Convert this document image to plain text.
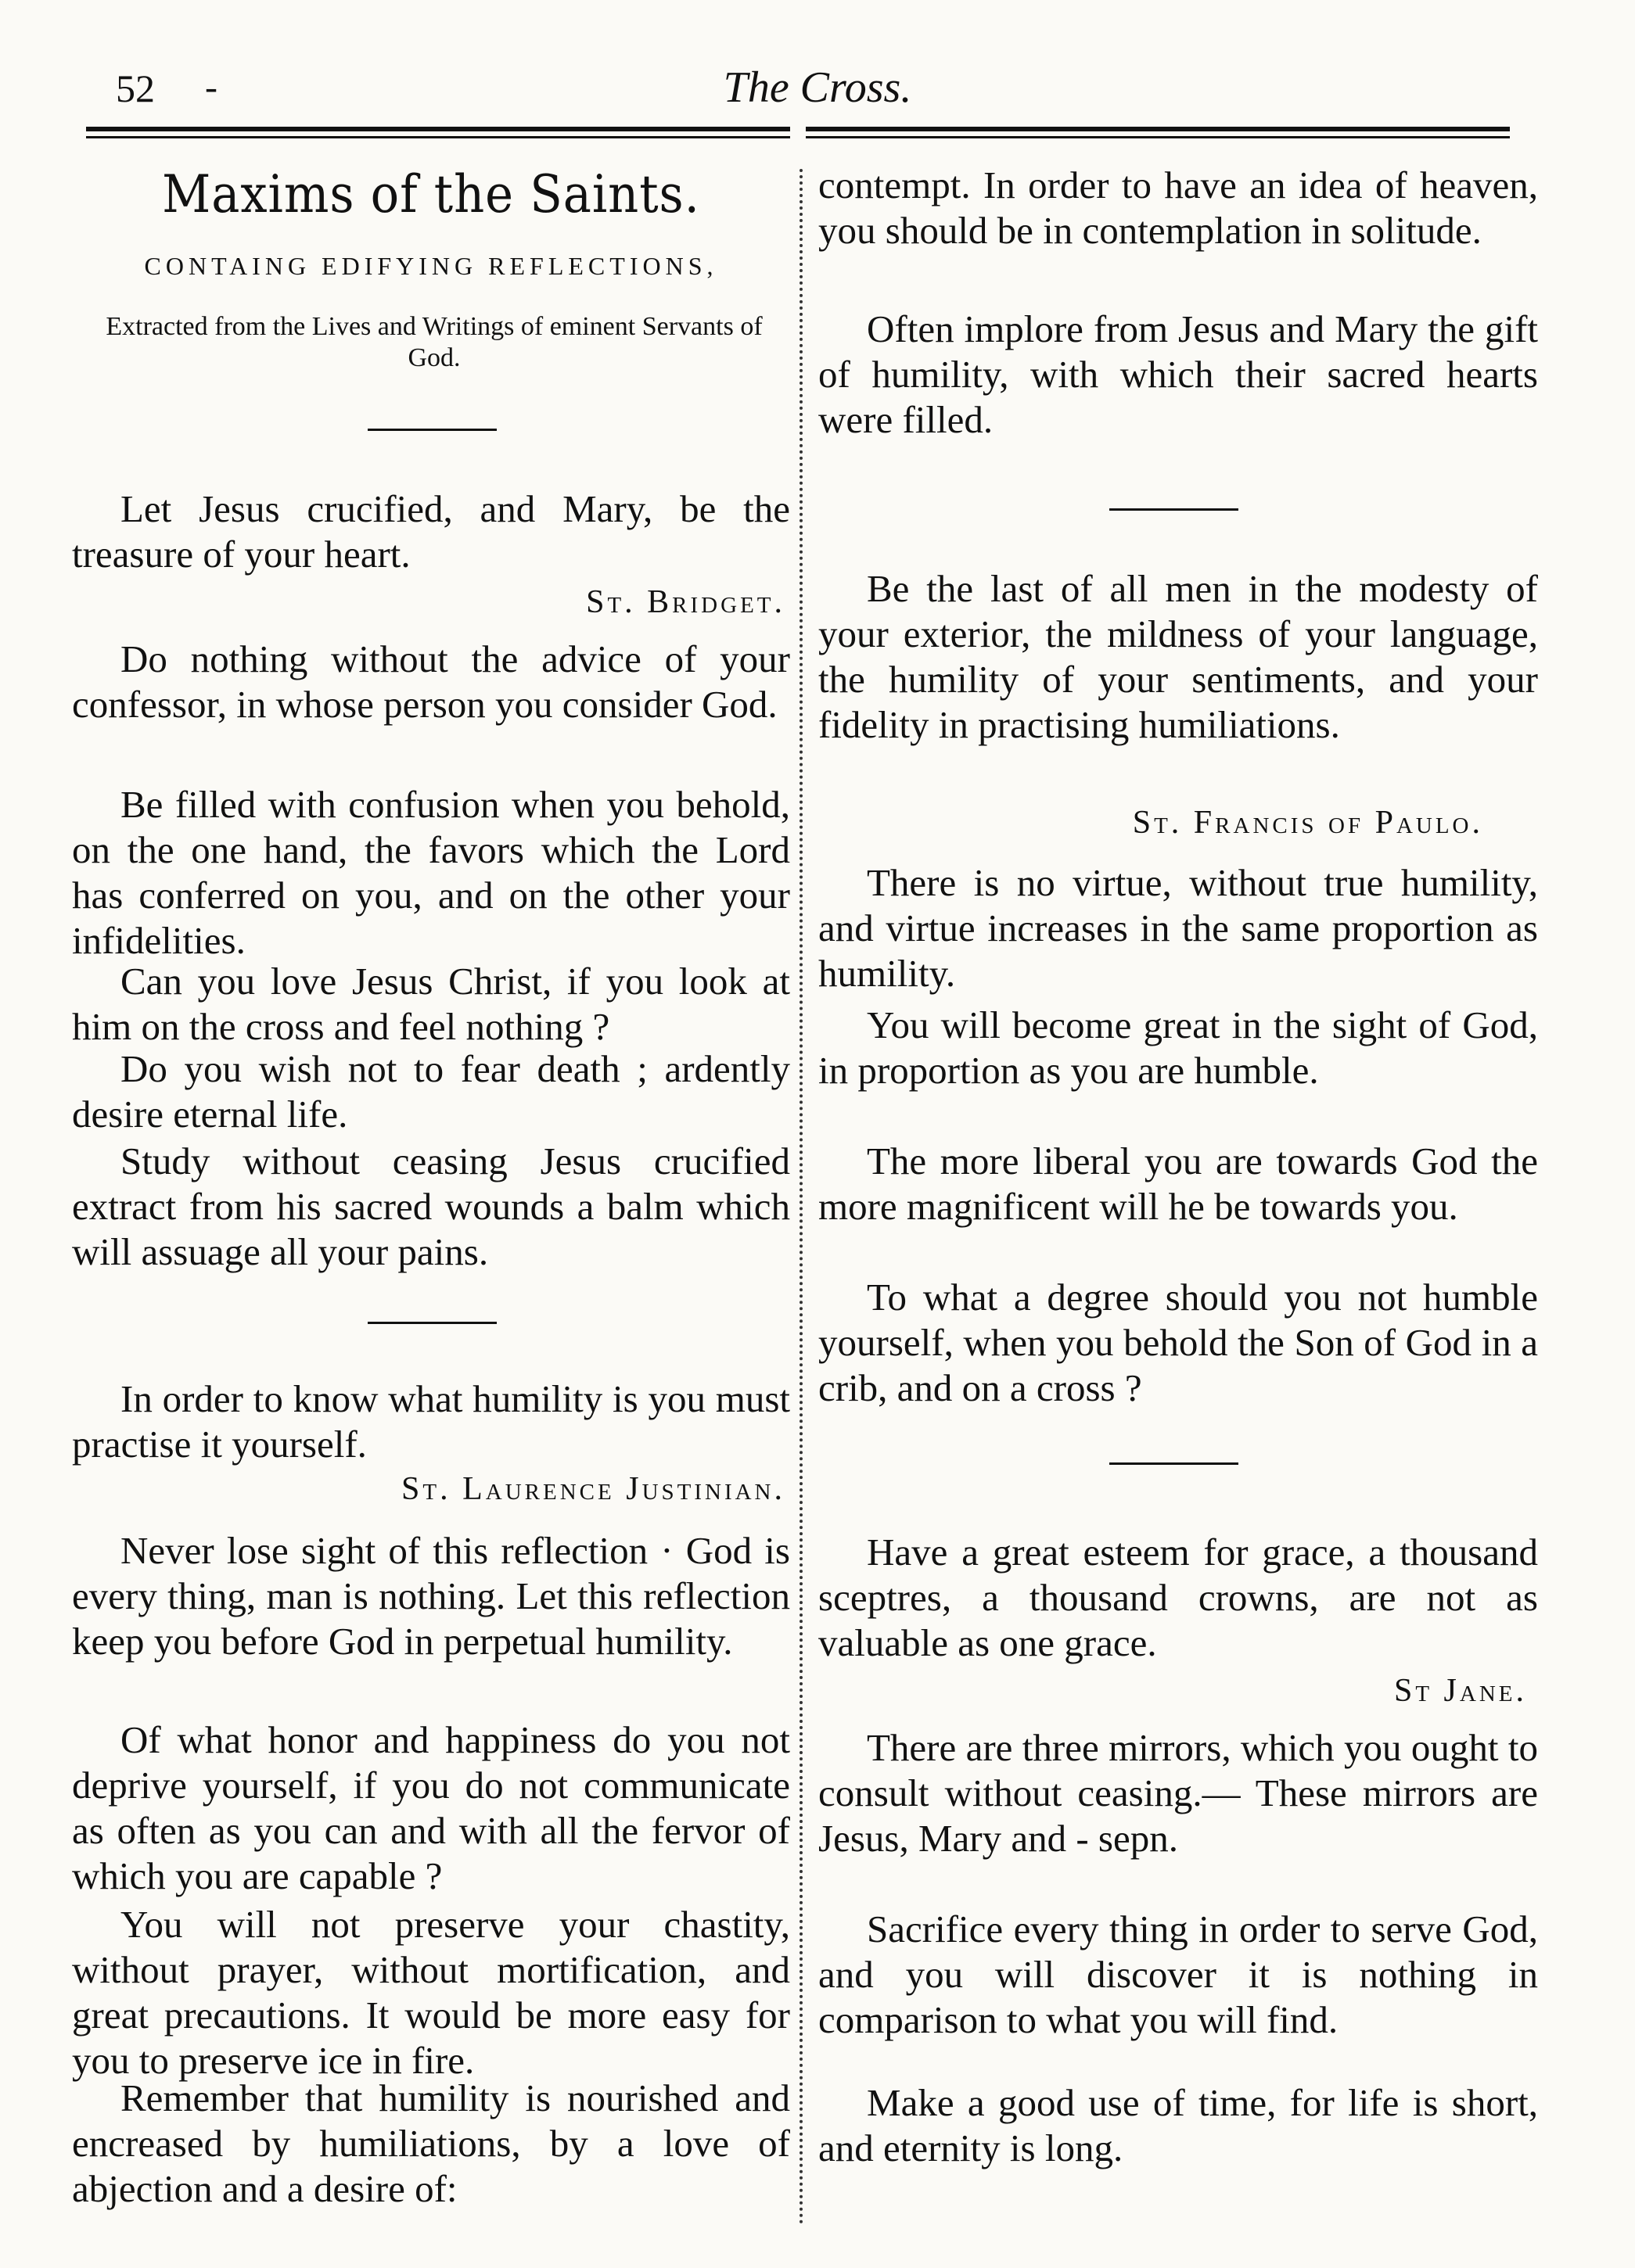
52 -	The Cross.
Maxims of the Saints.
CONTAING EDIFYING REFLECTIONS,
Extracted from the Lives and Writings of eminent Servants of God.

Let Jesus crucified, and Mary, be the treasure of your heart.

St. Bridget.

Do nothing without the advice of your confessor, in whose person you consider God.

Be filled with confusion when you behold, on the one hand, the favors which the Lord has conferred on you, and on the other your infidelities.

Can you love Jesus Christ, if you look at him on the cross and feel nothing ?

Do you wish not to fear death ; ardently desire eternal life.

Study without ceasing Jesus crucified extract from his sacred wounds a balm which will assuage all your pains.

In order to know what humility is you must practise it yourself.

St. Laurence Justinian.

Never lose sight of this reflection · God is every thing, man is nothing. Let this reflection keep you before God in perpetual humility.

Of what honor and happiness do you not deprive yourself, if you do not communicate as often as you can and with all the fervor of which you are capable ?

You will not preserve your chastity, without prayer, without mortification, and great precautions. It would be more easy for you to preserve ice in fire.

Remember that humility is nourished and encreased by humiliations, by a love of abjection and a desire of:

contempt. In order to have an idea of heaven, you should be in contemplation in solitude.

Often implore from Jesus and Mary the gift of humility, with which their sacred hearts were filled.

Be the last of all men in the modesty of your exterior, the mildness of your language, the humility of your sentiments, and your fidelity in practising humiliations.

St. Francis of Paulo.

There is no virtue, without true humility, and virtue increases in the same proportion as humility.

You will become great in the sight of God, in proportion as you are humble.

The more liberal you are towards God the more magnificent will he be towards you.

To what a degree should you not humble yourself, when you behold the Son of God in a crib, and on a cross ?

Have a great esteem for grace, a thousand sceptres, a thousand crowns, are not as valuable as one grace.

St Jane.

There are three mirrors, which you ought to consult without ceasing.— These mirrors are Jesus, Mary and - sepn.

Sacrifice every thing in order to serve God, and you will discover it is nothing in comparison to what you will find.

Make a good use of time, for life is short, and eternity is long.
